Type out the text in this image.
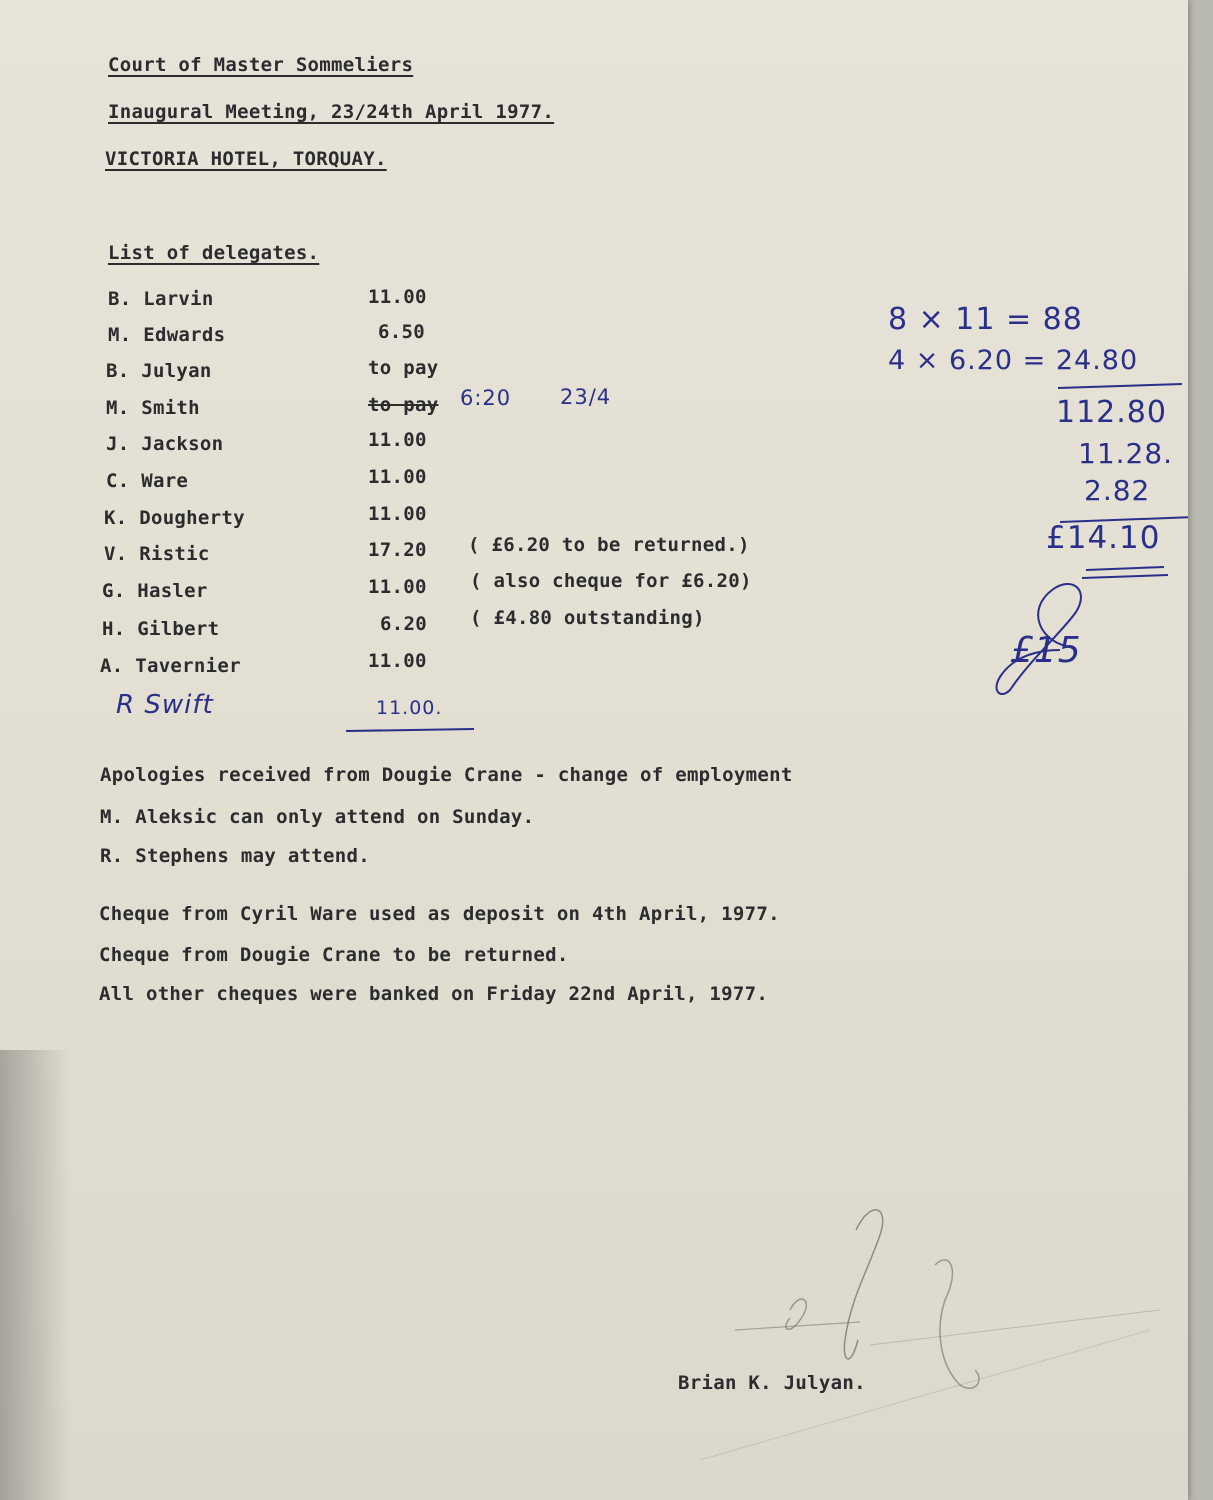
Court of Master Sommeliers
Inaugural Meeting, 23/24th April 1977.
VICTORIA HOTEL, TORQUAY.
List of delegates.
B. Larvin	11.00
M. Edwards	6.50
B. Julyan	to pay
M. Smith	to pay
J. Jackson	11.00
C. Ware	11.00
K. Dougherty	11.00
V. Ristic	17.20 ( £6.20 to be returned.)
G. Hasler	11.00 ( also cheque for £6.20)
H. Gilbert	6.20 ( £4.80 outstanding)
A. Tavernier	11.00
6:20 23/4
R Swift	11.00.
8 × 11 = 88
4 × 6.20 = 24.80
112.80
11.28.
2.82
£14.10
£15
Apologies received from Dougie Crane - change of employment
M. Aleksic can only attend on Sunday.
R. Stephens may attend.
Cheque from Cyril Ware used as deposit on 4th April, 1977.
Cheque from Dougie Crane to be returned.
All other cheques were banked on Friday 22nd April, 1977.
Brian K. Julyan.
